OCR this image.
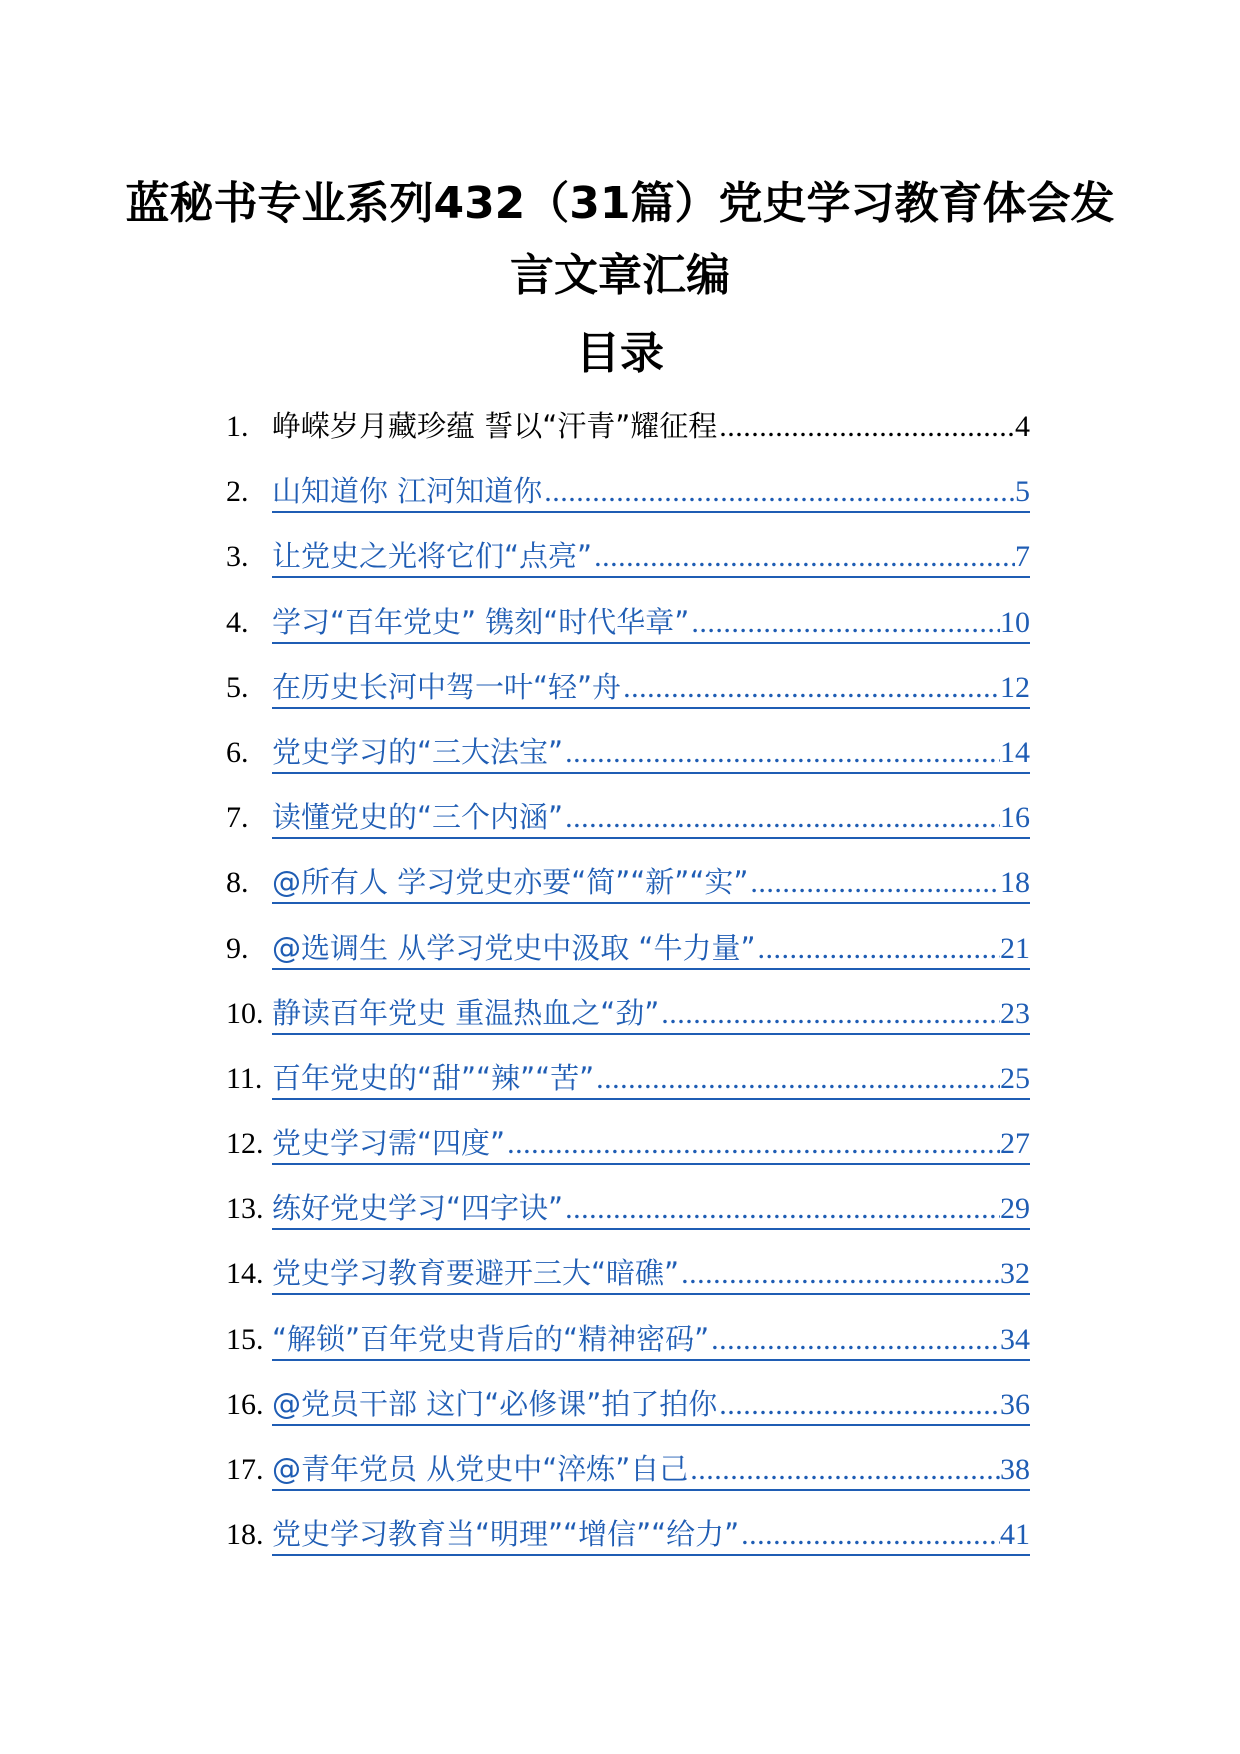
蓝秘书专业系列432（31篇）党史学习教育体会发言文章汇编
目录
1. 峥嵘岁月藏珍蕴 誓以“汗青”耀征程 .....	4
2. 山知道你 江河知道你 .....	5
3. 让党史之光将它们“点亮” .....	7
4. 学习“百年党史” 镌刻“时代华章” .....	10
5. 在历史长河中驾一叶“轻”舟 .....	12
6. 党史学习的“三大法宝” .....	14
7. 读懂党史的“三个内涵” .....	16
8. @所有人 学习党史亦要“简”“新”“实” .....	18
9. @选调生 从学习党史中汲取 “牛力量” .....	21
10. 静读百年党史 重温热血之“劲” .....	23
11. 百年党史的“甜”“辣”“苦” .....	25
12. 党史学习需“四度” .....	27
13. 练好党史学习“四字诀” .....	29
14. 党史学习教育要避开三大“暗礁” .....	32
15. “解锁”百年党史背后的“精神密码” .....	34
16. @党员干部 这门“必修课”拍了拍你 .....	36
17. @青年党员 从党史中“淬炼”自己 .....	38
18. 党史学习教育当“明理”“增信”“给力” .....	41
